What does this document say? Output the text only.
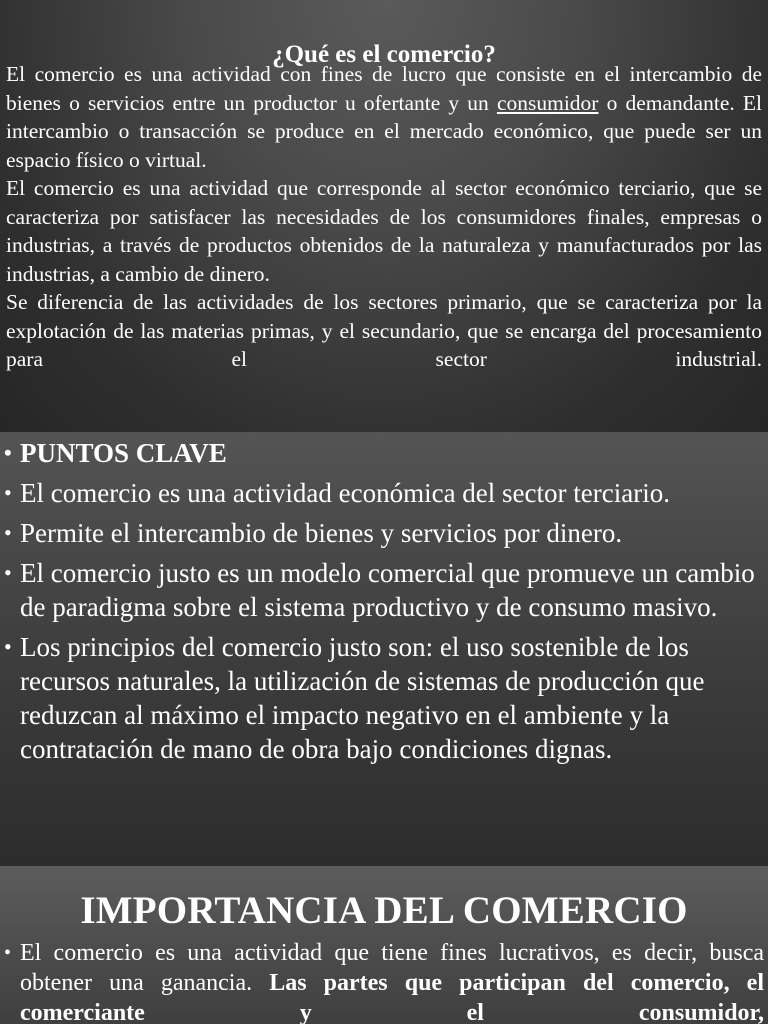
¿Qué es el comercio?

El comercio es una actividad con fines de lucro que consiste en el intercambio de bienes o servicios entre un productor u ofertante y un consumidor o demandante. El intercambio o transacción se produce en el mercado económico, que puede ser un espacio físico o virtual.

El comercio es una actividad que corresponde al sector económico terciario, que se caracteriza por satisfacer las necesidades de los consumidores finales, empresas o industrias, a través de productos obtenidos de la naturaleza y manufacturados por las industrias, a cambio de dinero.

Se diferencia de las actividades de los sectores primario, que se caracteriza por la explotación de las materias primas, y el secundario, que se encarga del procesamiento para el sector industrial.

• PUNTOS CLAVE
• El comercio es una actividad económica del sector terciario.
• Permite el intercambio de bienes y servicios por dinero.
• El comercio justo es un modelo comercial que promueve un cambio de paradigma sobre el sistema productivo y de consumo masivo.
• Los principios del comercio justo son: el uso sostenible de los recursos naturales, la utilización de sistemas de producción que reduzcan al máximo el impacto negativo en el ambiente y la contratación de mano de obra bajo condiciones dignas.
IMPORTANCIA DEL COMERCIO
• El comercio es una actividad que tiene fines lucrativos, es decir, busca obtener una ganancia. Las partes que participan del comercio, el comerciante y el consumidor,
